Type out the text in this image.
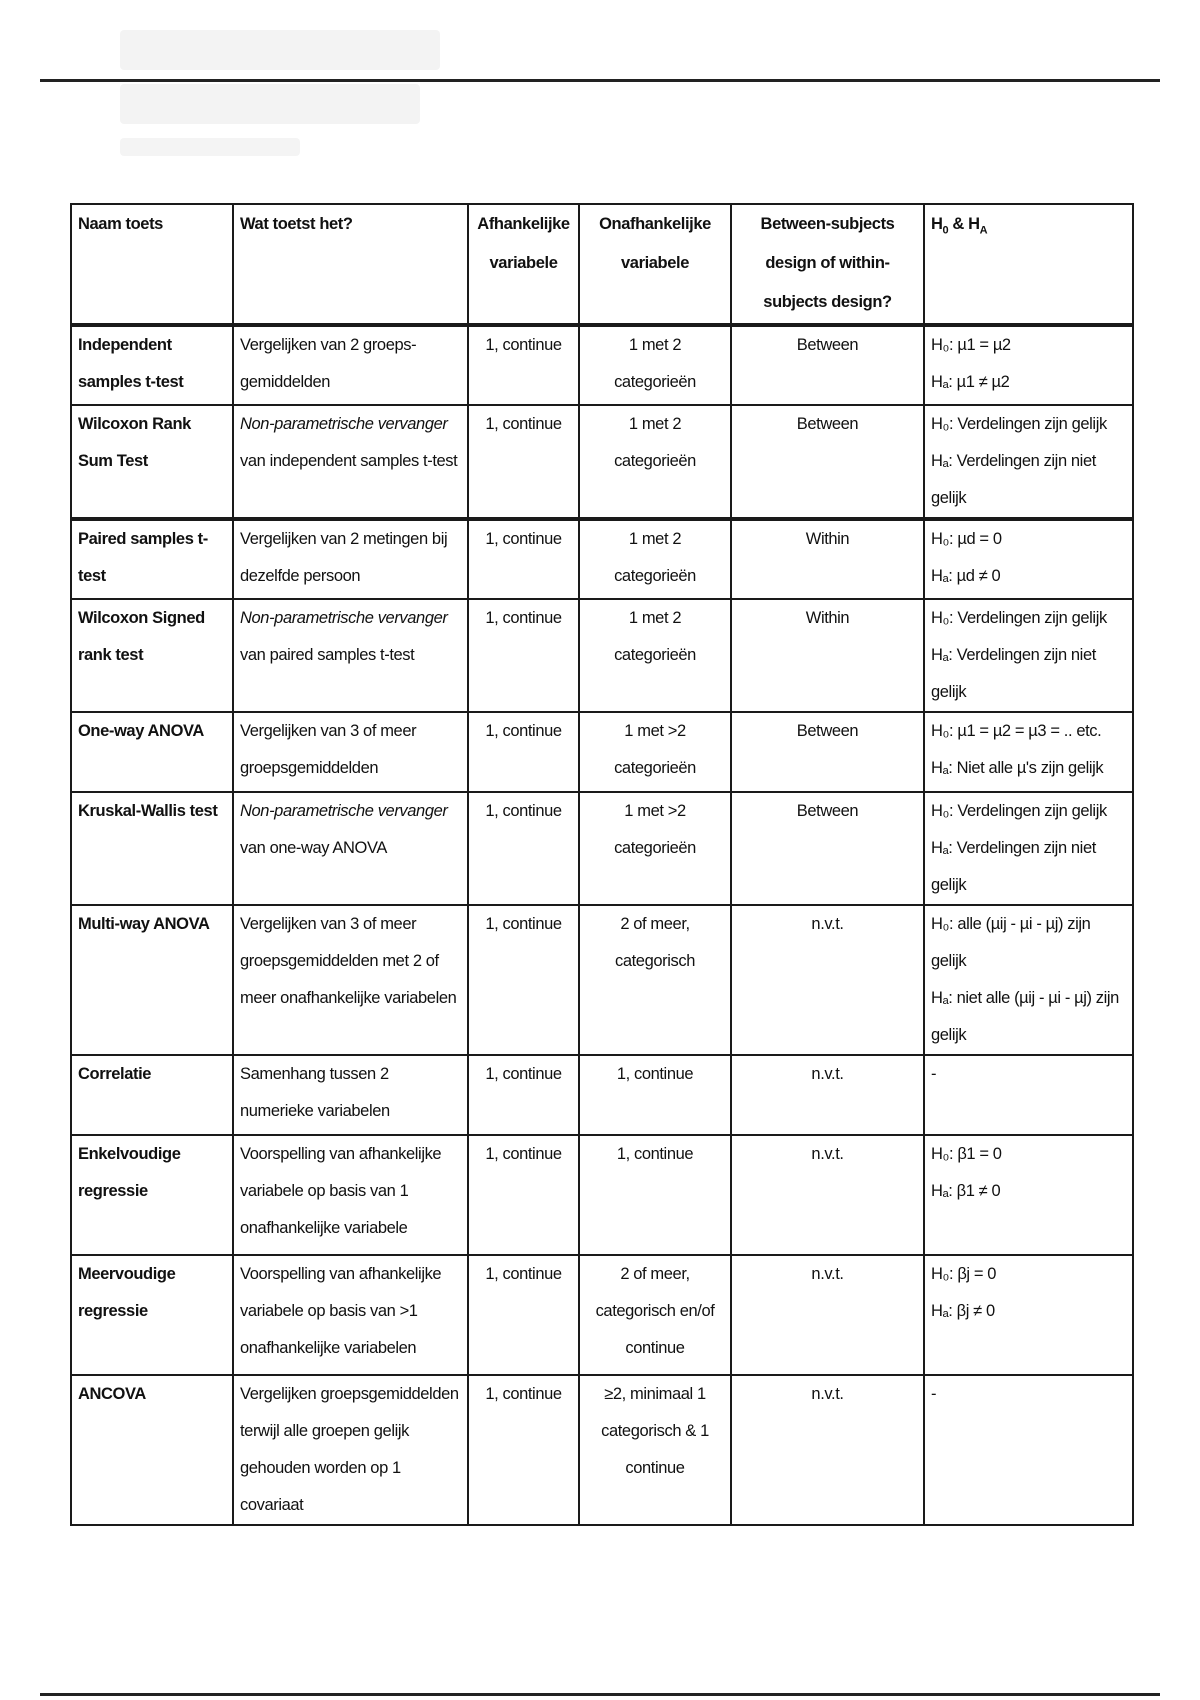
Naam toets	Wat toetst het?	Afhankelijke variabele	Onafhankelijke variabele	Between-subjects design of within-subjects design?	$H_0$ & $H_A$
Independent samples t-test	Vergelijken van 2 groeps-gemiddelden	1, continue	1 met 2 categorieën	Between	H₀: µ1 = µ2
Hₐ: µ1 ≠ µ2

Wilcoxon Rank Sum Test	Non-parametrische vervanger van independent samples t-test	1, continue	1 met 2 categorieën	Between	H₀: Verdelingen zijn gelijk
Hₐ: Verdelingen zijn niet gelijk

Paired samples t-test	Vergelijken van 2 metingen bij dezelfde persoon	1, continue	1 met 2 categorieën	Within	H₀: µd = 0
Hₐ: µd ≠ 0

Wilcoxon Signed rank test	Non-parametrische vervanger van paired samples t-test	1, continue	1 met 2 categorieën	Within	H₀: Verdelingen zijn gelijk
Hₐ: Verdelingen zijn niet gelijk

One-way ANOVA	Vergelijken van 3 of meer groepsgemiddelden	1, continue	1 met >2 categorieën	Between	H₀: µ1 = µ2 = µ3 = .. etc.
Hₐ: Niet alle µ's zijn gelijk

Kruskal-Wallis test	Non-parametrische vervanger van one-way ANOVA	1, continue	1 met >2 categorieën	Between	H₀: Verdelingen zijn gelijk
Hₐ: Verdelingen zijn niet gelijk

Multi-way ANOVA	Vergelijken van 3 of meer groepsgemiddelden met 2 of meer onafhankelijke variabelen	1, continue	2 of meer, categorisch	n.v.t.	H₀: alle (µij - µi - µj) zijn gelijk
Hₐ: niet alle (µij - µi - µj) zijn gelijk

Correlatie	Samenhang tussen 2 numerieke variabelen	1, continue	1, continue	n.v.t.	-

Enkelvoudige regressie	Voorspelling van afhankelijke variabele op basis van 1 onafhankelijke variabele	1, continue	1, continue	n.v.t.	H₀: β1 = 0
Hₐ: β1 ≠ 0

Meervoudige regressie	Voorspelling van afhankelijke variabele op basis van >1 onafhankelijke variabelen	1, continue	2 of meer, categorisch en/of continue	n.v.t.	H₀: βj = 0
Hₐ: βj ≠ 0

ANCOVA	Vergelijken groepsgemiddelden terwijl alle groepen gelijk gehouden worden op 1 covariaat	1, continue	≥2, minimaal 1 categorisch & 1 continue	n.v.t.	-
